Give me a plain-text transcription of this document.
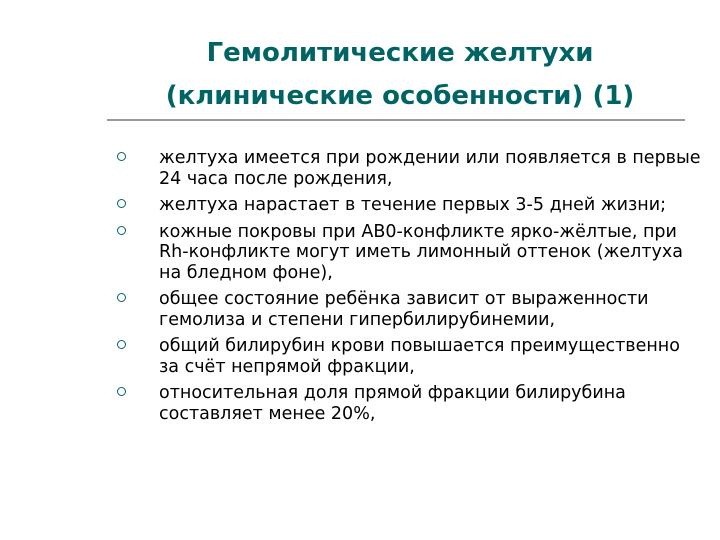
Гемолитические желтухи
(клинические особенности) (1)
желтуха имеется при рождении или появляется в первые 24 часа после рождения,
желтуха нарастает в течение первых 3-5 дней жизни;
кожные покровы при АВ0-конфликте ярко-жёлтые, при Rh-конфликте могут иметь лимонный оттенок (желтуха на бледном фоне),
общее состояние ребёнка зависит от выраженности гемолиза и степени гипербилирубинемии,
общий билирубин крови повышается преимущественно за счёт непрямой фракции,
относительная доля прямой фракции билирубина составляет менее 20%,
